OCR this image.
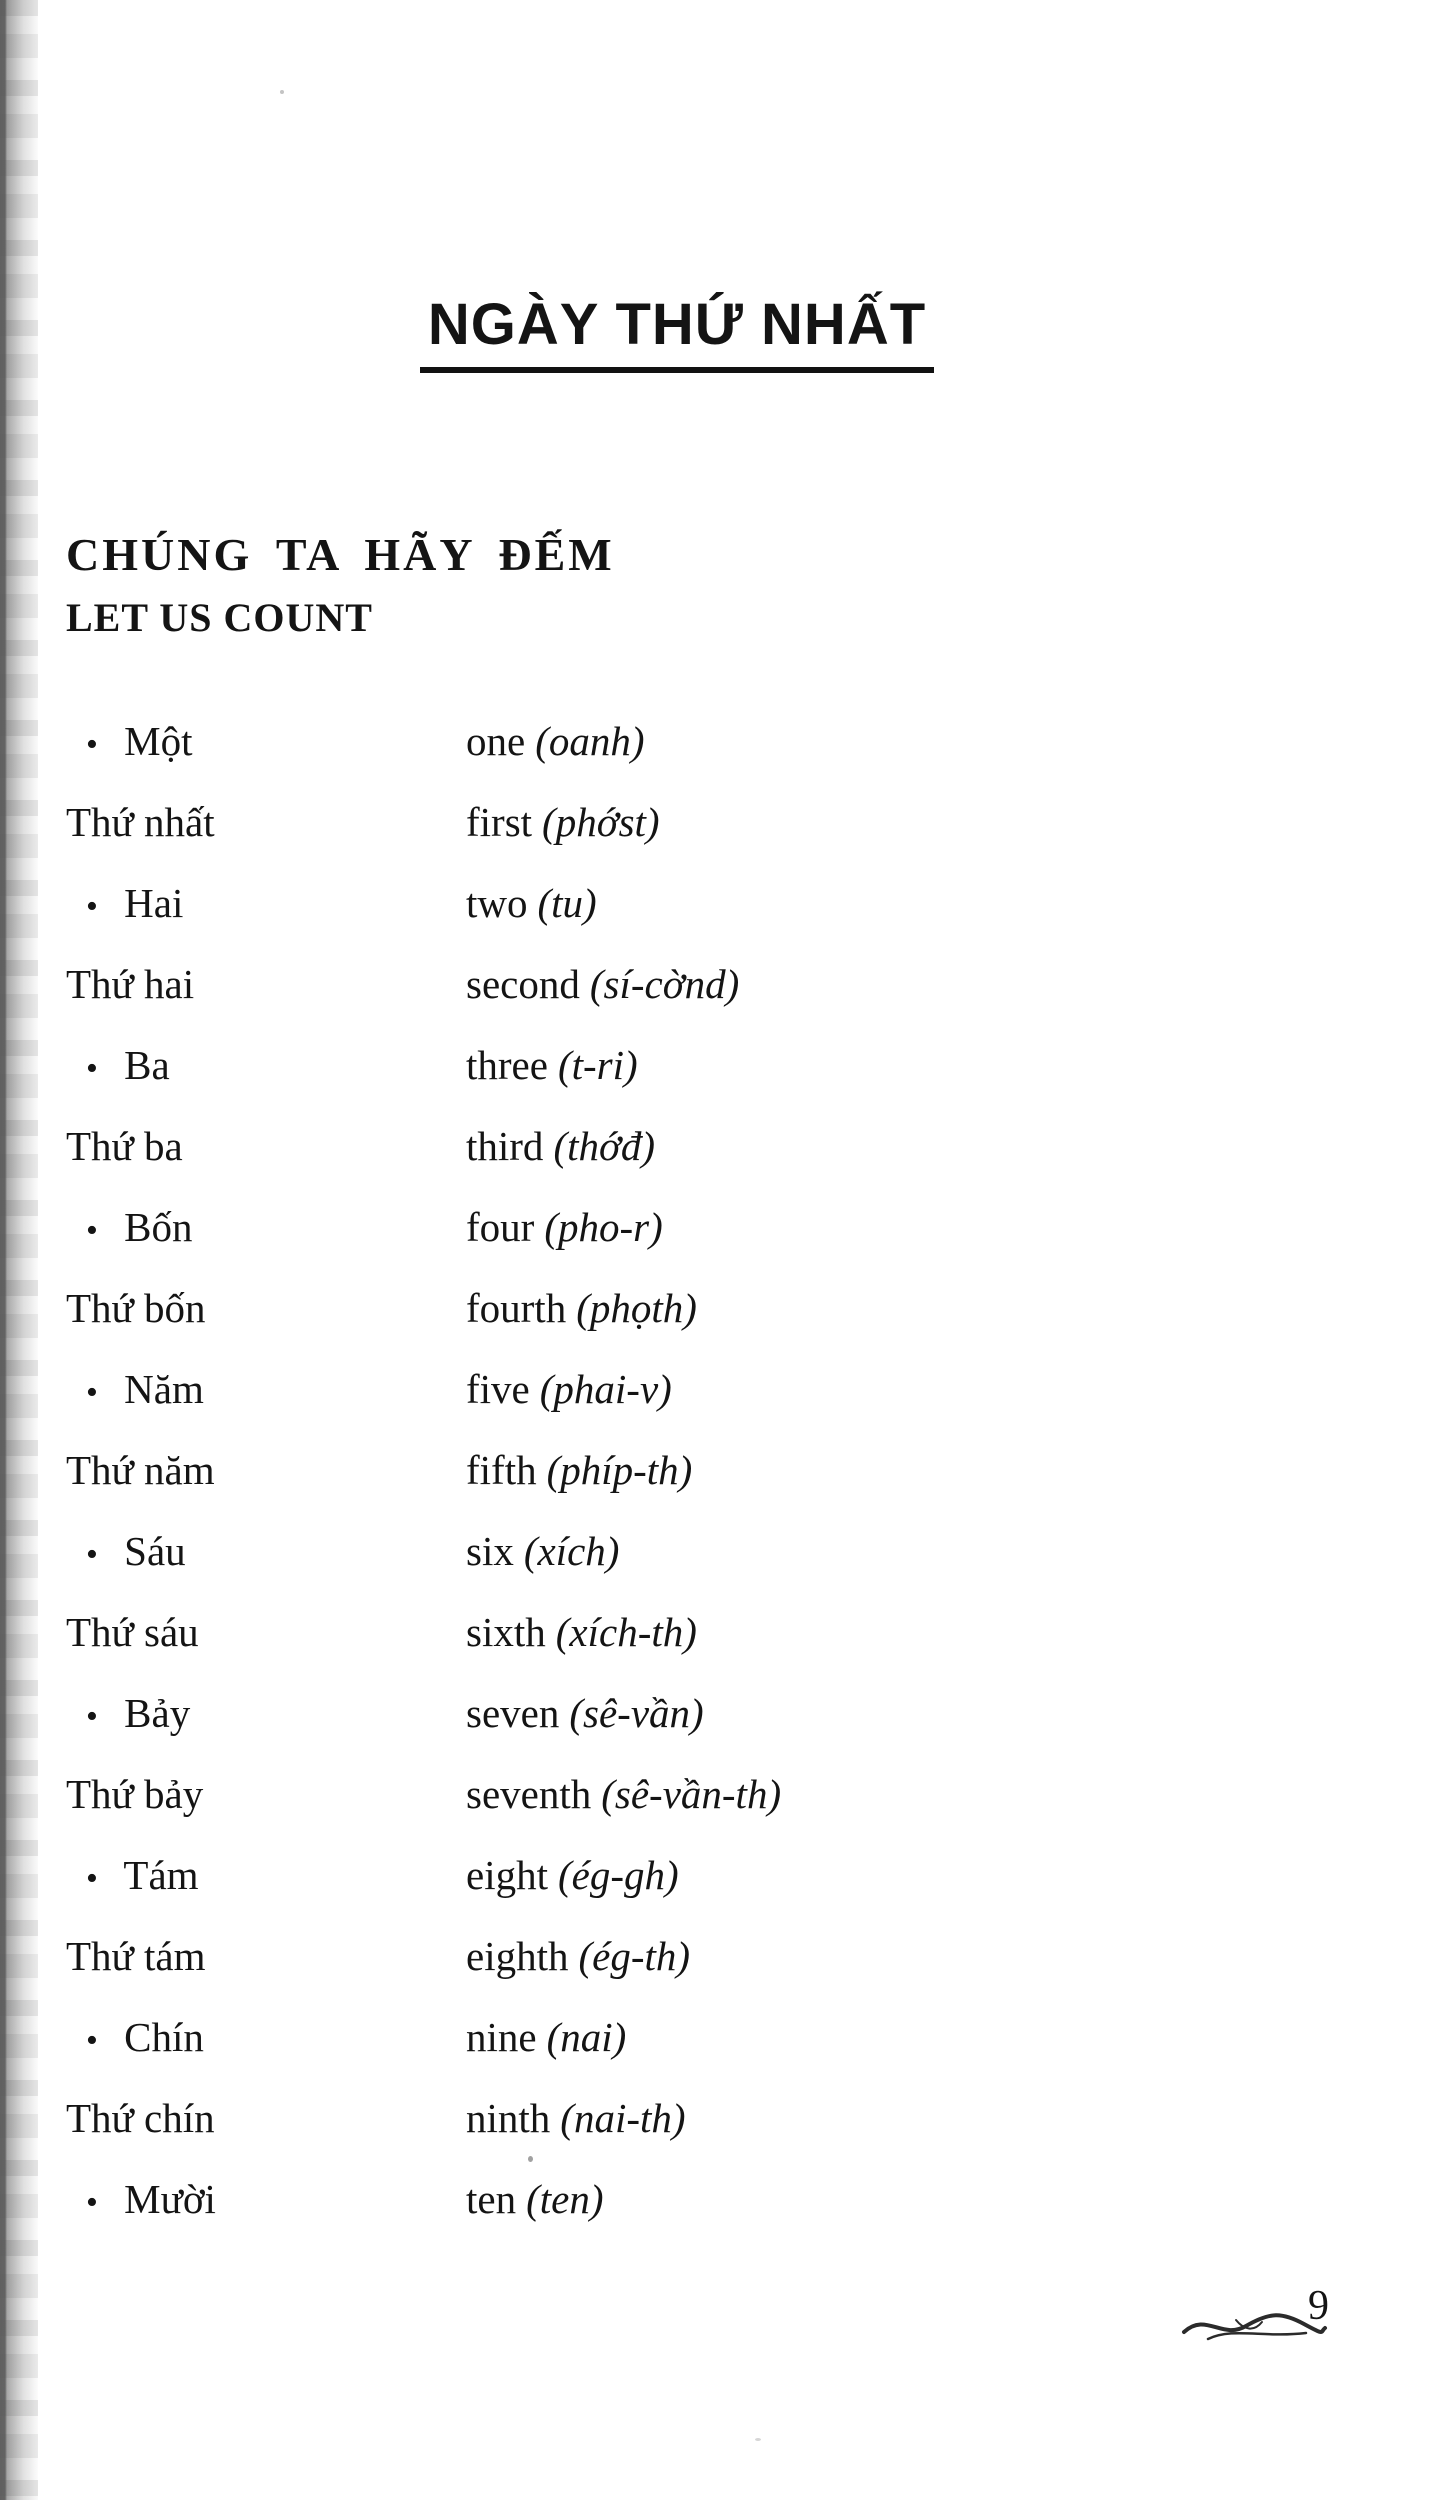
NGÀY THỨ NHẤT
CHÚNG TA HÃY ĐẾM
LET US COUNT
• Một	one (oanh)
Thứ nhất	first (phớst)
• Hai	two (tu)
Thứ hai	second (sí-cờnd)
• Ba	three (t-ri)
Thứ ba	third (thớđ)
• Bốn	four (pho-r)
Thứ bốn	fourth (phọth)
• Năm	five (phai-v)
Thứ năm	fifth (phíp-th)
• Sáu	six (xích)
Thứ sáu	sixth (xích-th)
• Bảy	seven (sê-vần)
Thứ bảy	seventh (sê-vần-th)
• Tám	eight (ég-gh)
Thứ tám	eighth (ég-th)
• Chín	nine (nai)
Thứ chín	ninth (nai-th)
• Mười	ten (ten)
9
